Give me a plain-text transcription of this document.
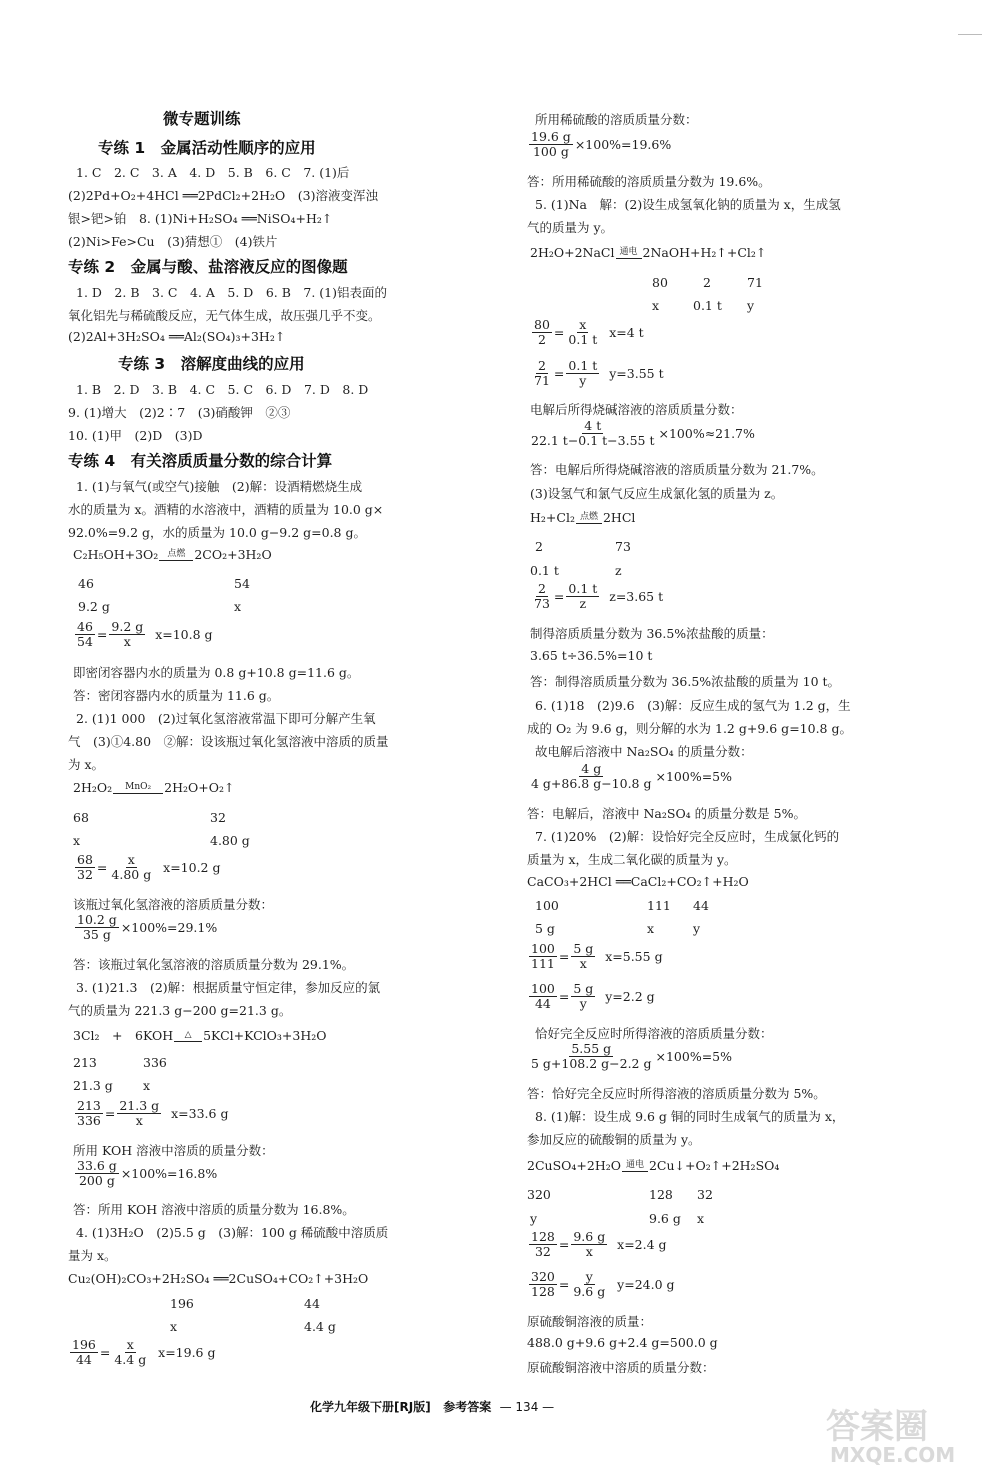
微专题训练
专练 1　金属活动性顺序的应用
1. C　2. C　3. A　4. D　5. B　6. C　7. (1)后
(2)2Pd+O₂+4HCl ══2PdCl₂+2H₂O　(3)溶液变浑浊
银>钯>铂　8. (1)Ni+H₂SO₄ ══NiSO₄+H₂↑
(2)Ni>Fe>Cu　(3)猜想①　(4)铁片
专练 2　金属与酸、盐溶液反应的图像题
1. D　2. B　3. C　4. A　5. D　6. B　7. (1)铝表面的
氧化铝先与稀硫酸反应，无气体生成，故压强几乎不变。
(2)2Al+3H₂SO₄ ══Al₂(SO₄)₃+3H₂↑
专练 3　溶解度曲线的应用
1. B　2. D　3. B　4. C　5. C　6. D　7. D　8. D
9. (1)增大　(2)2∶7　(3)硝酸钾　②③
10. (1)甲　(2)D　(3)D
专练 4　有关溶质质量分数的综合计算
1. (1)与氧气(或空气)接触　(2)解：设酒精燃烧生成
水的质量为 x。酒精的水溶液中，酒精的质量为 10.0 g×
92.0%=9.2 g，水的质量为 10.0 g−9.2 g=0.8 g。
C₂H₅OH+3O₂ 点燃 2CO₂+3H₂O
46	54
9.2 g	x
46
54 =
9.2 g
x
x=10.8 g
即密闭容器内水的质量为 0.8 g+10.8 g=11.6 g。
答：密闭容器内水的质量为 11.6 g。
2. (1)1 000　(2)过氧化氢溶液常温下即可分解产生氧
气　(3)①4.80　②解：设该瓶过氧化氢溶液中溶质的质量
为 x。
2H₂O₂ MnO₂ 2H₂O+O₂↑
68	32
x	4.80 g
68
32 =
x
4.80 g
x=10.2 g
该瓶过氧化氢溶液的溶质质量分数：
$\frac{10.2 g}{35 g} \times 100\%=29.1\%$
答：该瓶过氧化氢溶液的溶质质量分数为 29.1%。
3. (1)21.3　(2)解：根据质量守恒定律，参加反应的氯
气的质量为 221.3 g−200 g=21.3 g。
3Cl₂　+　6KOH △ 5KCl+KClO₃+3H₂O
213	336
21.3 g x
213
336 =
21.3 g
x
x=33.6 g
所用 KOH 溶液中溶质的质量分数：
$\frac{33.6 g}{200 g} \times 100\%=16.8\%$
答：所用 KOH 溶液中溶质的质量分数为 16.8%。
4. (1)3H₂O　(2)5.5 g　(3)解：100 g 稀硫酸中溶质质
量为 x。
Cu₂(OH)₂CO₃+2H₂SO₄ ══2CuSO₄+CO₂↑+3H₂O
196	44
x	4.4 g
196
44 =
x
4.4 g
x=19.6 g
所用稀硫酸的溶质质量分数：
$\frac{19.6 g}{100 g} \times 100\%=19.6\%$
答：所用稀硫酸的溶质质量分数为 19.6%。
5. (1)Na　解：(2)设生成氢氧化钠的质量为 x，生成氢
气的质量为 y。
2H₂O+2NaCl 通电 2NaOH+H₂↑+Cl₂↑
80	2	71
x	0.1 t y
80
2 =
x
0.1 t
x=4 t
2
71 =
0.1 t
y
y=3.55 t
电解后所得烧碱溶液的溶质质量分数：
$\frac{4 t}{22.1 t-0.1 t-3.55 t} \times 100\%\approx 21.7\%$
答：电解后所得烧碱溶液的溶质质量分数为 21.7%。
(3)设氢气和氯气反应生成氯化氢的质量为 z。
H₂+Cl₂ 点燃 2HCl
2	73
0.1 t	z
2
73 =
0.1 t
z
z=3.65 t
制得溶质质量分数为 36.5%浓盐酸的质量：
3.65 t÷36.5%=10 t
答：制得溶质质量分数为 36.5%浓盐酸的质量为 10 t。
6. (1)18　(2)9.6　(3)解：反应生成的氢气为 1.2 g，生
成的 O₂ 为 9.6 g，则分解的水为 1.2 g+9.6 g=10.8 g。
故电解后溶液中 Na₂SO₄ 的质量分数：
$\frac{4 g}{4 g+86.8 g-10.8 g} \times 100\%=5\%$
答：电解后，溶液中 Na₂SO₄ 的质量分数是 5%。
7. (1)20%　(2)解：设恰好完全反应时，生成氯化钙的
质量为 x，生成二氧化碳的质量为 y。
CaCO₃+2HCl ══CaCl₂+CO₂↑+H₂O
100	111 44
5 g	x	y
100
111 =
5 g
x
x=5.55 g
100
44 =
5 g
y
y=2.2 g
恰好完全反应时所得溶液的溶质质量分数：
$\frac{5.55 g}{5 g+108.2 g-2.2 g} \times 100\%=5\%$
答：恰好完全反应时所得溶液的溶质质量分数为 5%。
8. (1)解：设生成 9.6 g 铜的同时生成氧气的质量为 x，
参加反应的硫酸铜的质量为 y。
2CuSO₄+2H₂O 通电 2Cu↓+O₂↑+2H₂SO₄
320	128 32
y	9.6 g x
128
32 =
9.6 g
x
x=2.4 g
320
128 =
y
9.6 g
y=24.0 g
原硫酸铜溶液的质量：
488.0 g+9.6 g+2.4 g=500.0 g
原硫酸铜溶液中溶质的质量分数：
化学九年级下册[RJ版] 参考答案 — 134 —	答案圈
MXQE.COM
